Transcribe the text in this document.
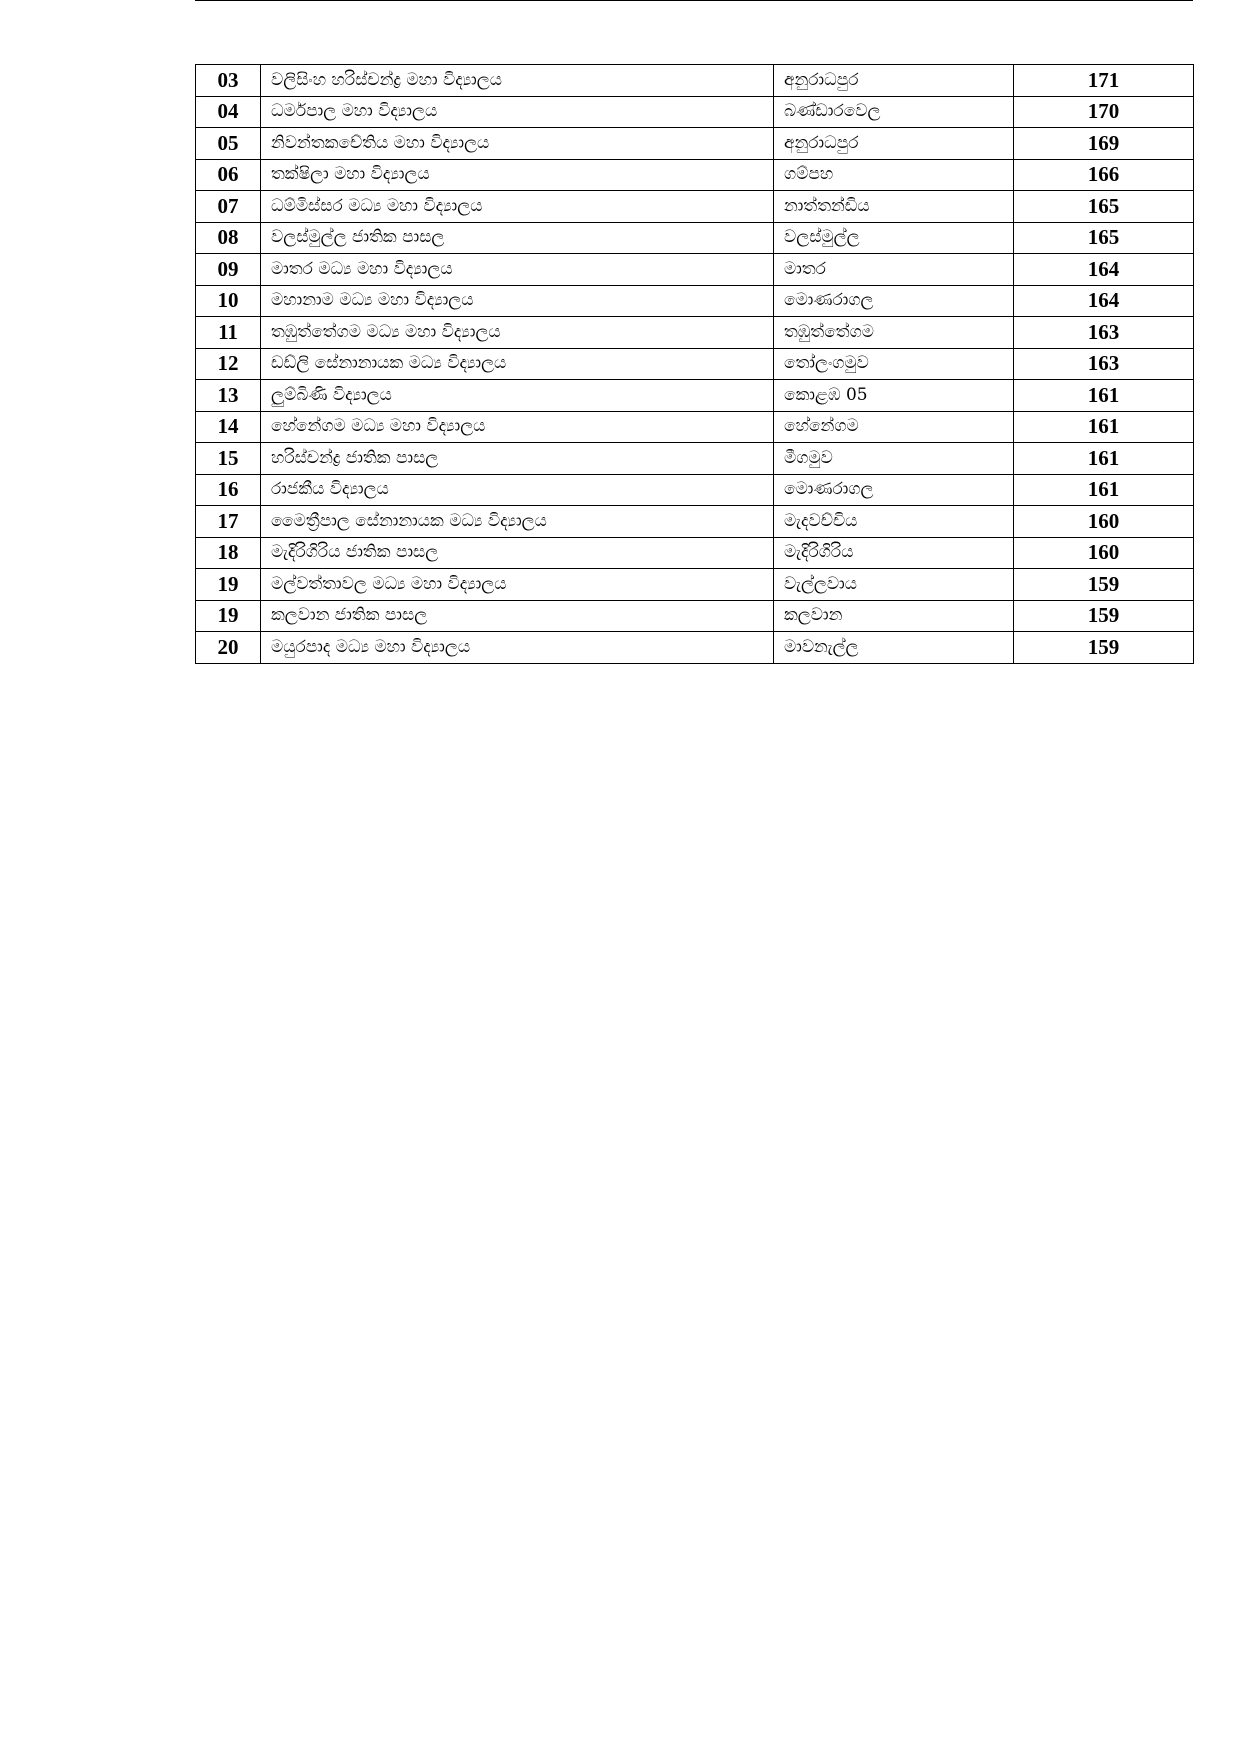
03	වලිසිංහ හරිස්චන්ද්‍ර මහා විද්‍යාලය	අනුරාධපුර	171
04	ධර්මපාල මහා විද්‍යාලය	බණ්ඩාරවෙල	170
05	නිවන්තකචේතිය මහා විද්‍යාලය	අනුරාධපුර	169
06	තක්ෂිලා මහා විද්‍යාලය	ගම්පහ	166
07	ධම්මිස්සර මධ්‍ය මහා විද්‍යාලය	නාත්තන්ඩිය	165
08	වලස්මුල්ල ජාතික පාසල	වලස්මුල්ල	165
09	මාතර මධ්‍ය මහා විද්‍යාලය	මාතර	164
10	මහානාම මධ්‍ය මහා විද්‍යාලය	මොණරාගල	164
11	තඹුත්තේගම මධ්‍ය මහා විද්‍යාලය	තඹුත්තේගම	163
12	ඩඩ්ලි සේනානායක මධ්‍ය විද්‍යාලය	තෝලංගමුව	163
13	ලුම්බිණි විද්‍යාලය	කොළඹ 05	161
14	හේනේගම මධ්‍ය මහා විද්‍යාලය	හේනේගම	161
15	හරිස්චන්ද්‍ර ජාතික පාසල	මීගමුව	161
16	රාජකීය විද්‍යාලය	මොණරාගල	161
17	මෛත්‍රීපාල සේනානායක මධ්‍ය විද්‍යාලය	මැදවච්චිය	160
18	මැදිරිගිරිය ජාතික පාසල	මැදිරිගිරිය	160
19	මල්වත්තාවල මධ්‍ය මහා විද්‍යාලය	වැල්ලවාය	159
19	කලවාන ජාතික පාසල	කලවාන	159
20	මයුරපාද මධ්‍ය මහා විද්‍යාලය	මාවනැල්ල	159
